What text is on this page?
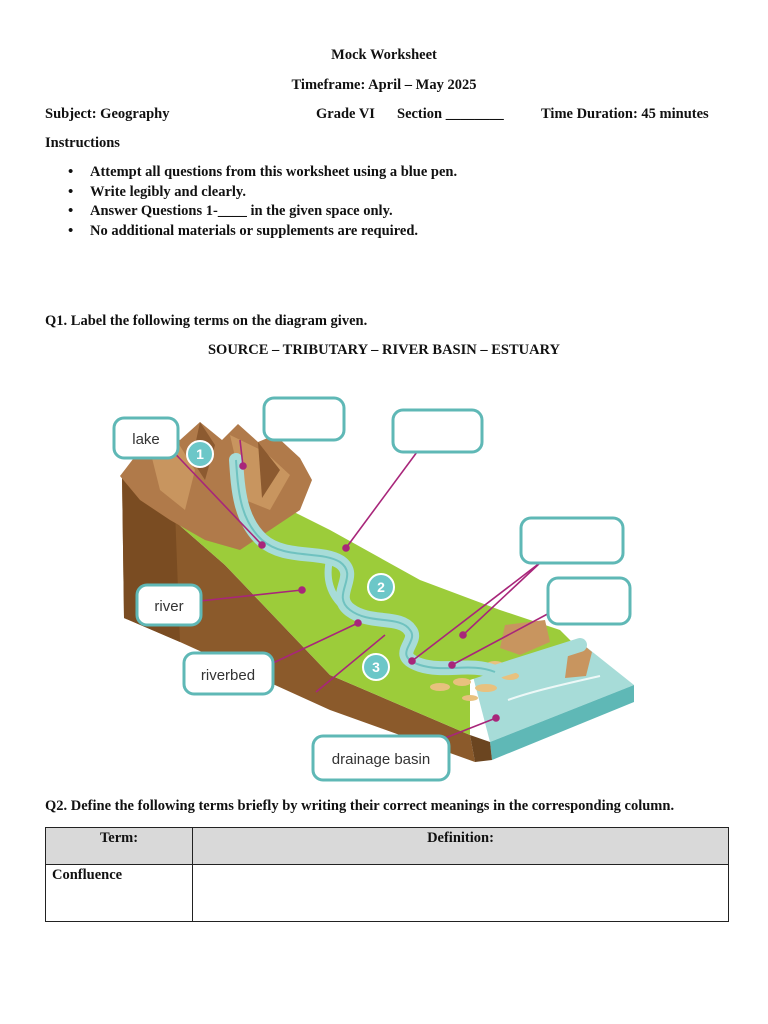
Mock Worksheet
Timeframe: April – May 2025
Subject: Geography	Grade VI Section ________	Time Duration: 45 minutes
Instructions
• Attempt all questions from this worksheet using a blue pen.
• Write legibly and clearly.
• Answer Questions 1-____ in the given space only.
• No additional materials or supplements are required.
Q1. Label the following terms on the diagram given.
SOURCE – TRIBUTARY – RIVER BASIN – ESTUARY
1
2
3
lake
river
riverbed
drainage basin
Q2. Define the following terms briefly by writing their correct meanings in the corresponding column.
Term:	Definition:
Confluence	
